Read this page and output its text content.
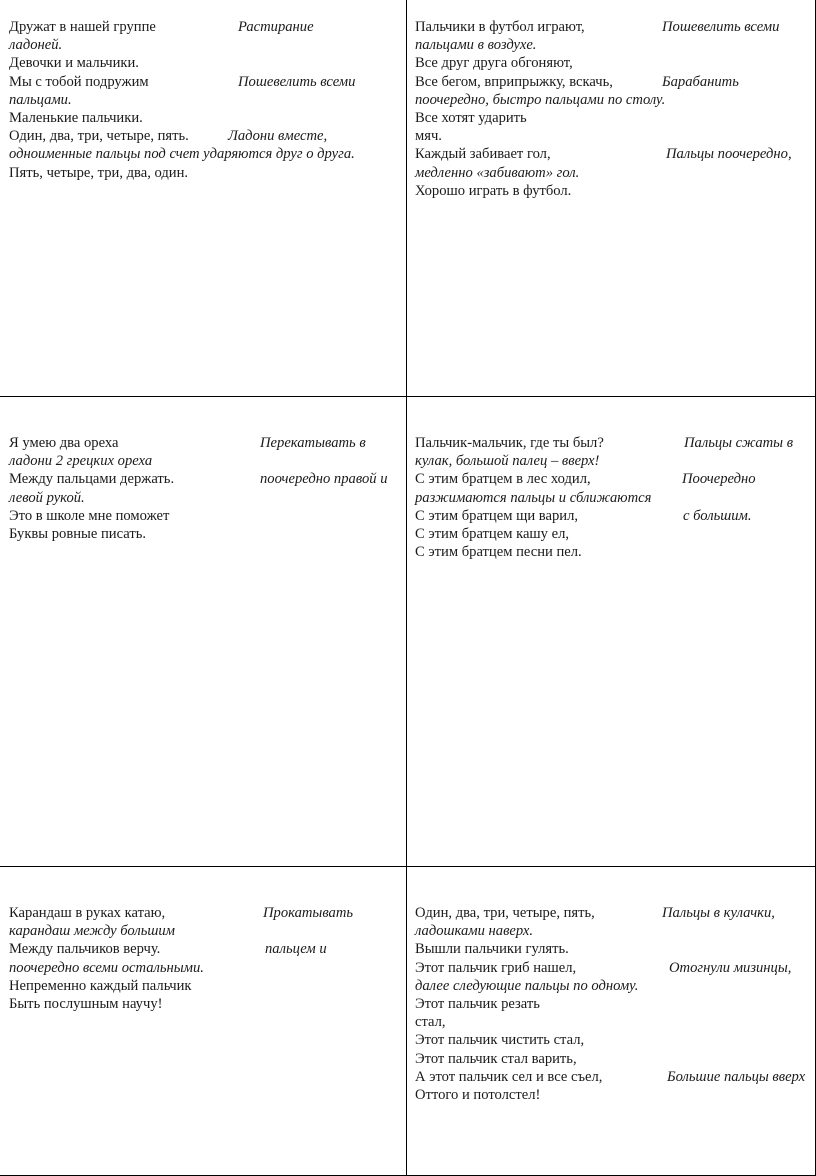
Дружат в нашей группе	Растирание
ладоней.
Девочки и мальчики.
Мы с тобой подружим	Пошевелить всеми
пальцами.
Маленькие пальчики.
Один, два, три, четыре, пять.	Ладони вместе,
одноименные пальцы под счет ударяются друг о друга.
Пять, четыре, три, два, один.
Пальчики в футбол играют,	Пошевелить всеми
пальцами в воздухе.
Все друг друга обгоняют,
Все бегом, вприпрыжку, вскачь,	Барабанить
поочередно, быстро пальцами по столу.
Все хотят ударить
мяч.
Каждый забивает гол,	Пальцы поочередно,
медленно «забивают» гол.
Хорошо играть в футбол.
Я умею два ореха	Перекатывать в
ладони 2 грецких ореха
Между пальцами держать.	поочередно правой и
левой рукой.
Это в школе мне поможет
Буквы ровные писать.
Пальчик-мальчик, где ты был?	Пальцы сжаты в
кулак, большой палец – вверх!
С этим братцем в лес ходил,	Поочередно
разжимаются пальцы и сближаются
С этим братцем щи варил,	с большим.
С этим братцем кашу ел,
С этим братцем песни пел.
Карандаш в руках катаю,	Прокатывать
карандаш между большим
Между пальчиков верчу.	пальцем и
поочередно всеми остальными.
Непременно каждый пальчик
Быть послушным научу!
Один, два, три, четыре, пять,	Пальцы в кулачки,
ладошками наверх.
Вышли пальчики гулять.
Этот пальчик гриб нашел,	Отогнули мизинцы,
далее следующие пальцы по одному.
Этот пальчик резать
стал,
Этот пальчик чистить стал,
Этот пальчик стал варить,
А этот пальчик сел и все съел,	Большие пальцы вверх
Оттого и потолстел!
